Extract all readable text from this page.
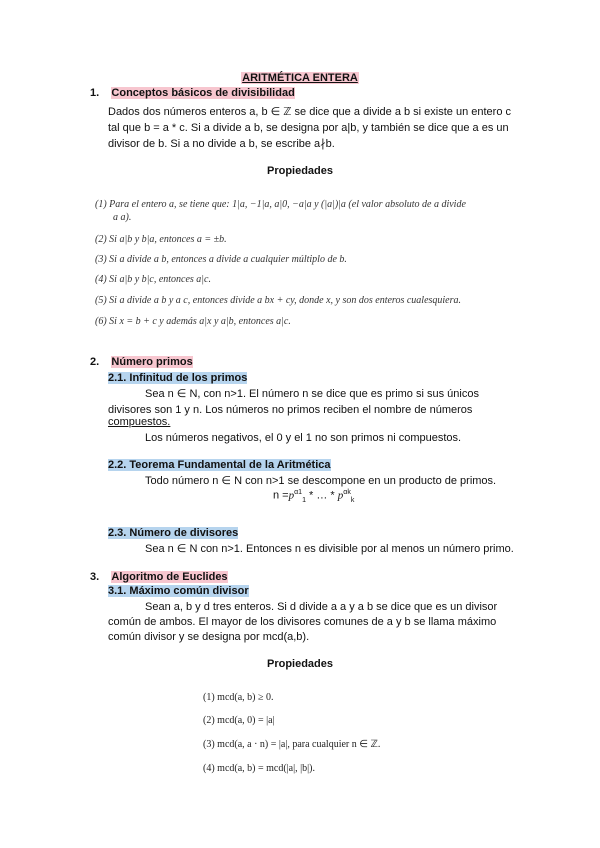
ARITMÉTICA ENTERA
1. Conceptos básicos de divisibilidad
Dados dos números enteros a, b ∈ ℤ se dice que a divide a b si existe un entero c
tal que b = a * c. Si a divide a b, se designa por a|b, y también se dice que a es un
divisor de b. Si a no divide a b, se escribe a∤b.
Propiedades
(1) Para el entero a, se tiene que: 1|a, −1|a, a|0, −a|a y (|a|)|a (el valor absoluto de a divide
a a).
(2) Si a|b y b|a, entonces a = ±b.
(3) Si a divide a b, entonces a divide a cualquier múltiplo de b.
(4) Si a|b y b|c, entonces a|c.
(5) Si a divide a b y a c, entonces divide a bx + cy, donde x, y son dos enteros cualesquiera.
(6) Si x = b + c y además a|x y a|b, entonces a|c.
2. Número primos
2.1. Infinitud de los primos
Sea n ∈ N, con n>1. El número n se dice que es primo si sus únicos
divisores son 1 y n. Los números no primos reciben el nombre de números
compuestos.
Los números negativos, el 0 y el 1 no son primos ni compuestos.
2.2. Teorema Fundamental de la Aritmética
Todo número n ∈ N con n>1 se descompone en un producto de primos.
$n =p^{\alpha 1}_1$ * … * $p^{\alpha k}_k$
2.3. Número de divisores
Sea n ∈ N con n>1. Entonces n es divisible por al menos un número primo.
3. Algoritmo de Euclides
3.1. Máximo común divisor
Sean a, b y d tres enteros. Si d divide a a y a b se dice que es un divisor
común de ambos. El mayor de los divisores comunes de a y b se llama máximo
común divisor y se designa por mcd(a,b).
Propiedades
(1) mcd(a, b) ≥ 0.
(2) mcd(a, 0) = |a|
(3) mcd(a, a · n) = |a|, para cualquier n ∈ ℤ.
(4) mcd(a, b) = mcd(|a|, |b|).
